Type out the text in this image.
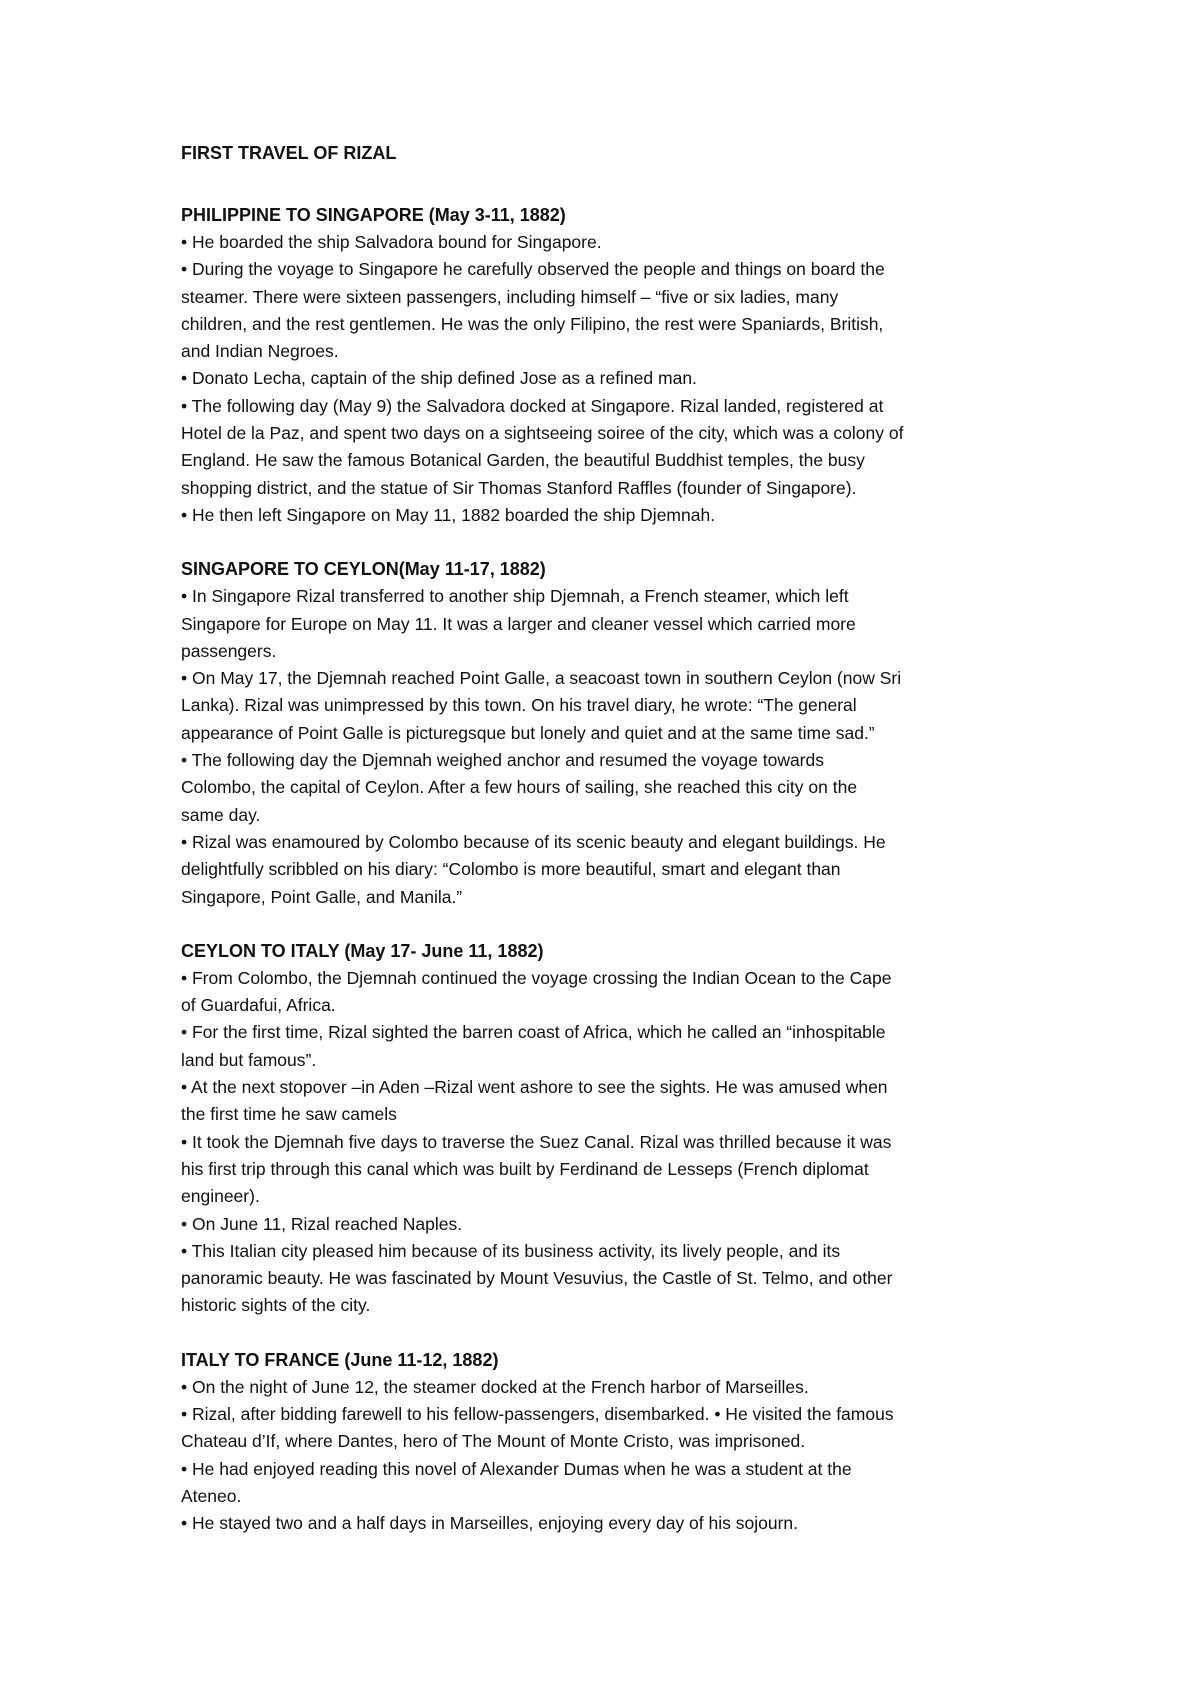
FIRST TRAVEL OF RIZAL
PHILIPPINE TO SINGAPORE (May 3-11, 1882)

• He boarded the ship Salvadora bound for Singapore.

• During the voyage to Singapore he carefully observed the people and things on board the

steamer. There were sixteen passengers, including himself – “five or six ladies, many

children, and the rest gentlemen. He was the only Filipino, the rest were Spaniards, British,

and Indian Negroes.

• Donato Lecha, captain of the ship defined Jose as a refined man.

• The following day (May 9) the Salvadora docked at Singapore. Rizal landed, registered at

Hotel de la Paz, and spent two days on a sightseeing soiree of the city, which was a colony of

England. He saw the famous Botanical Garden, the beautiful Buddhist temples, the busy

shopping district, and the statue of Sir Thomas Stanford Raffles (founder of Singapore).

• He then left Singapore on May 11, 1882 boarded the ship Djemnah.

SINGAPORE TO CEYLON(May 11-17, 1882)

• In Singapore Rizal transferred to another ship Djemnah, a French steamer, which left

Singapore for Europe on May 11. It was a larger and cleaner vessel which carried more

passengers.

• On May 17, the Djemnah reached Point Galle, a seacoast town in southern Ceylon (now Sri

Lanka). Rizal was unimpressed by this town. On his travel diary, he wrote: “The general

appearance of Point Galle is picturegsque but lonely and quiet and at the same time sad.”

• The following day the Djemnah weighed anchor and resumed the voyage towards

Colombo, the capital of Ceylon. After a few hours of sailing, she reached this city on the

same day.

• Rizal was enamoured by Colombo because of its scenic beauty and elegant buildings. He

delightfully scribbled on his diary: “Colombo is more beautiful, smart and elegant than

Singapore, Point Galle, and Manila.”

CEYLON TO ITALY (May 17- June 11, 1882)

• From Colombo, the Djemnah continued the voyage crossing the Indian Ocean to the Cape

of Guardafui, Africa.

• For the first time, Rizal sighted the barren coast of Africa, which he called an “inhospitable

land but famous”.

• At the next stopover –in Aden –Rizal went ashore to see the sights. He was amused when

the first time he saw camels

• It took the Djemnah five days to traverse the Suez Canal. Rizal was thrilled because it was

his first trip through this canal which was built by Ferdinand de Lesseps (French diplomat

engineer).

• On June 11, Rizal reached Naples.

• This Italian city pleased him because of its business activity, its lively people, and its

panoramic beauty. He was fascinated by Mount Vesuvius, the Castle of St. Telmo, and other

historic sights of the city.

ITALY TO FRANCE (June 11-12, 1882)

• On the night of June 12, the steamer docked at the French harbor of Marseilles.

• Rizal, after bidding farewell to his fellow-passengers, disembarked. • He visited the famous

Chateau d’If, where Dantes, hero of The Mount of Monte Cristo, was imprisoned.

• He had enjoyed reading this novel of Alexander Dumas when he was a student at the

Ateneo.

• He stayed two and a half days in Marseilles, enjoying every day of his sojourn.
